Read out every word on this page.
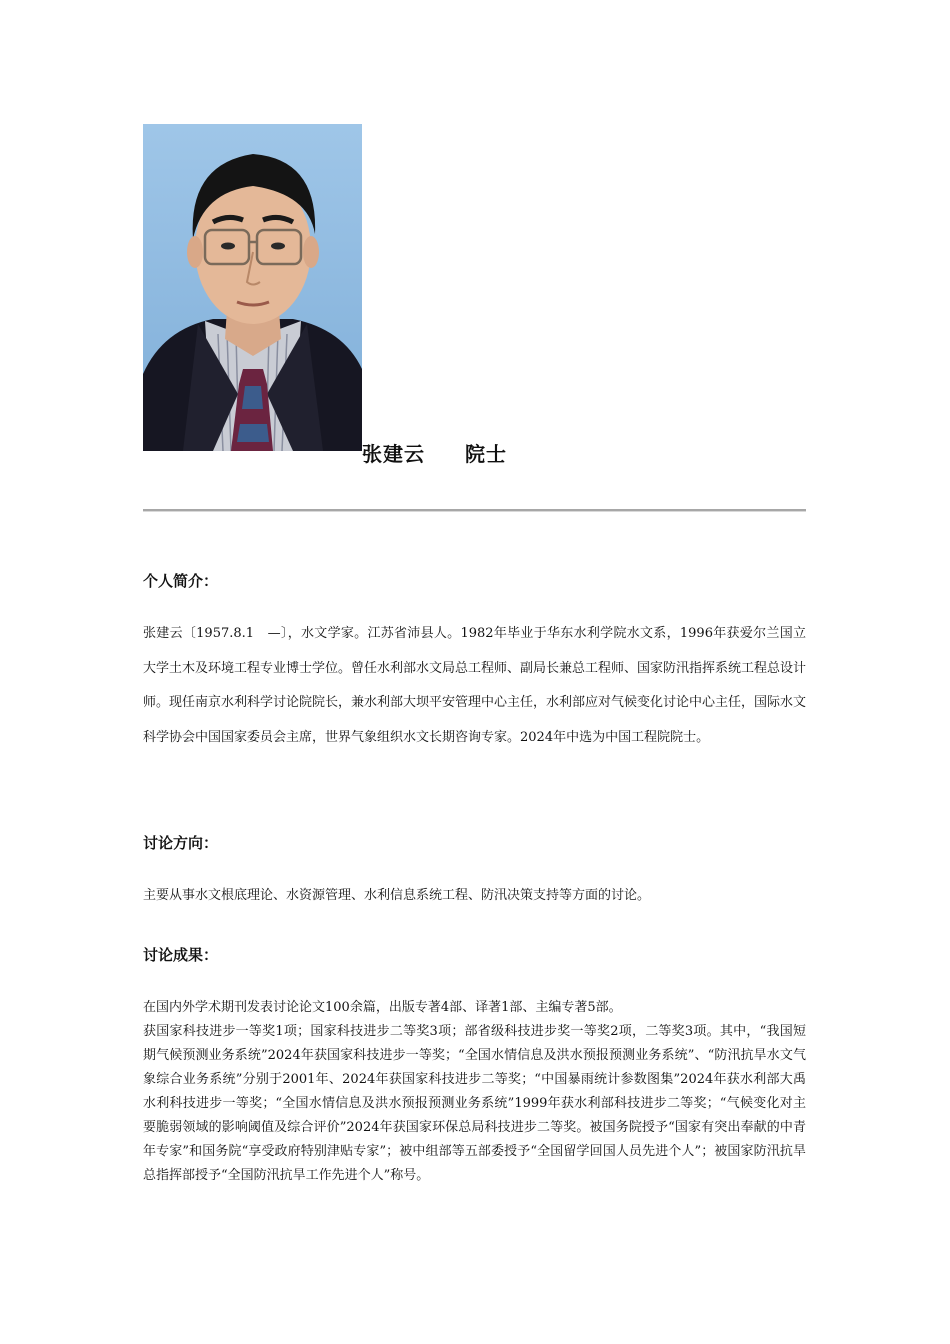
张建云 院士
个人简介：

张建云〔1957.8.1　—〕，水文学家。江苏省沛县人。1982年毕业于华东水利学院水文系，1996年获爱尔兰国立大学土木及环境工程专业博士学位。曾任水利部水文局总工程师、副局长兼总工程师、国家防汛指挥系统工程总设计师。现任南京水利科学讨论院院长，兼水利部大坝平安管理中心主任，水利部应对气候变化讨论中心主任，国际水文科学协会中国国家委员会主席，世界气象组织水文长期咨询专家。2024年中选为中国工程院院士。

讨论方向：

主要从事水文根底理论、水资源管理、水利信息系统工程、防汛决策支持等方面的讨论。

讨论成果：

在国内外学术期刊发表讨论论文100余篇，出版专著4部、译著1部、主编专著5部。

获国家科技进步一等奖1项；国家科技进步二等奖3项；部省级科技进步奖一等奖2项，二等奖3项。其中，“我国短期气候预测业务系统”2024年获国家科技进步一等奖；“全国水情信息及洪水预报预测业务系统”、“防汛抗旱水文气象综合业务系统”分别于2001年、2024年获国家科技进步二等奖；“中国暴雨统计参数图集”2024年获水利部大禹水利科技进步一等奖；“全国水情信息及洪水预报预测业务系统”1999年获水利部科技进步二等奖；“气候变化对主要脆弱领域的影响阈值及综合评价”2024年获国家环保总局科技进步二等奖。被国务院授予“国家有突出奉献的中青年专家”和国务院“享受政府特别津贴专家”；被中组部等五部委授予“全国留学回国人员先进个人”；被国家防汛抗旱总指挥部授予“全国防汛抗旱工作先进个人”称号。
